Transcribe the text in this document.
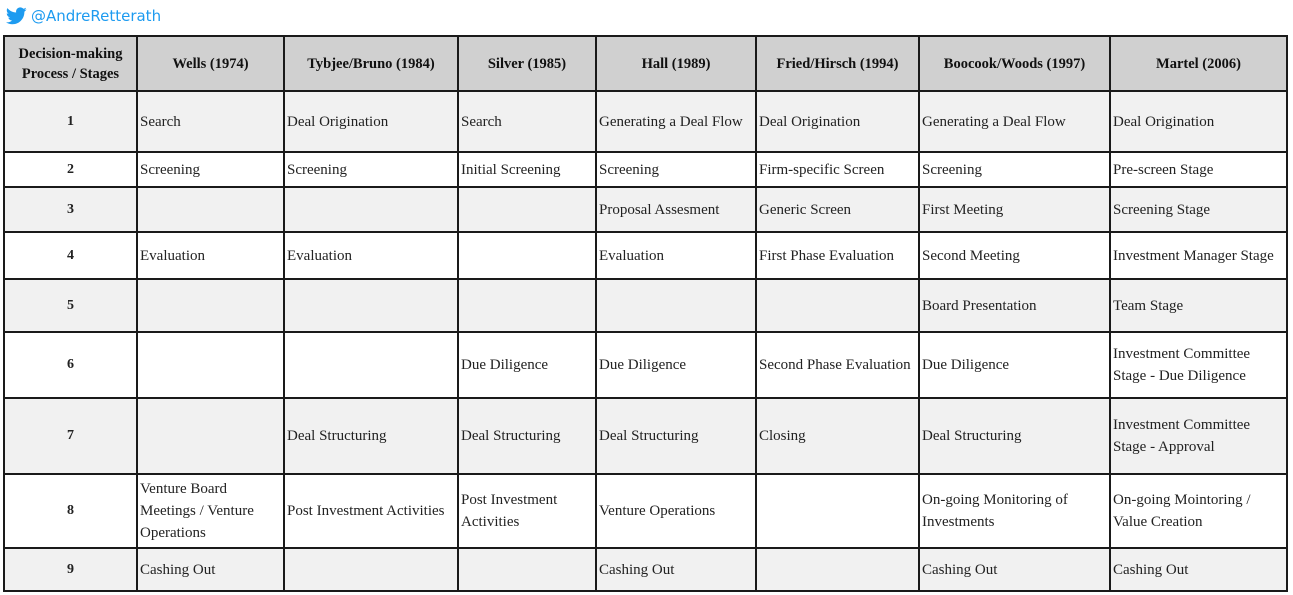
@AndreRetterath
Decision-making Process / Stages	Wells (1974)	Tybjee/Bruno (1984)	Silver (1985)	Hall (1989)	Fried/Hirsch (1994)	Boocook/Woods (1997)	Martel (2006)
1	Search	Deal Origination	Search	Generating a Deal Flow	Deal Origination	Generating a Deal Flow	Deal Origination
2	Screening	Screening	Initial Screening	Screening	Firm-specific Screen	Screening	Pre-screen Stage
3				Proposal Assesment	Generic Screen	First Meeting	Screening Stage
4	Evaluation	Evaluation		Evaluation	First Phase Evaluation	Second Meeting	Investment Manager Stage
5						Board Presentation	Team Stage
6			Due Diligence	Due Diligence	Second Phase Evaluation	Due Diligence	Investment Committee Stage - Due Diligence
7		Deal Structuring	Deal Structuring	Deal Structuring	Closing	Deal Structuring	Investment Committee Stage - Approval
8	Venture Board Meetings / Venture Operations	Post Investment Activities	Post Investment Activities	Venture Operations		On-going Monitoring of Investments	On-going Mointoring / Value Creation
9	Cashing Out			Cashing Out		Cashing Out	Cashing Out
